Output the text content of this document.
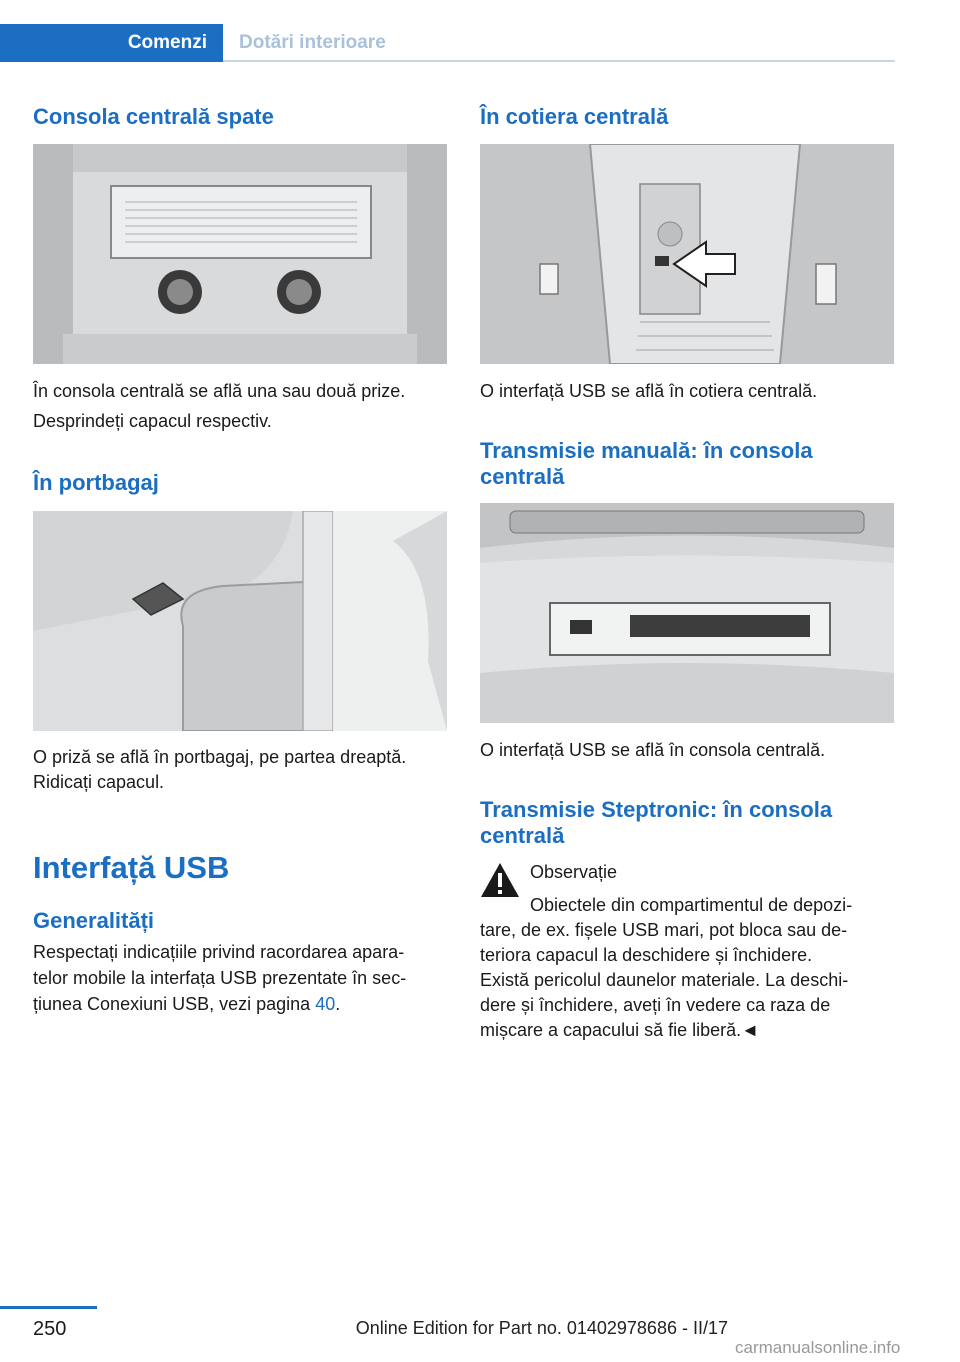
Comenzi	Dotări interioare
Consola centrală spate

În consola centrală se află una sau două prize.

Desprindeți capacul respectiv.

În portbagaj

O priză se află în portbagaj, pe partea dreaptă.

Ridicați capacul.

Interfață USB
Generalități

Respectați indicațiile privind racordarea apara-

telor mobile la interfața USB prezentate în sec-

țiunea Conexiuni USB, vezi pagina 40.

În cotiera centrală

O interfață USB se află în cotiera centrală.

Transmisie manuală: în consola
centrală

O interfață USB se află în consola centrală.

Transmisie Steptronic: în consola
centrală

Observație

Obiectele din compartimentul de depozi-

tare, de ex. fișele USB mari, pot bloca sau de-

teriora capacul la deschidere și închidere.

Există pericolul daunelor materiale. La deschi-

dere și închidere, aveți în vedere ca raza de

mișcare a capacului să fie liberă.◄

250	Online Edition for Part no. 01402978686 - II/17
carmanualsonline.info
